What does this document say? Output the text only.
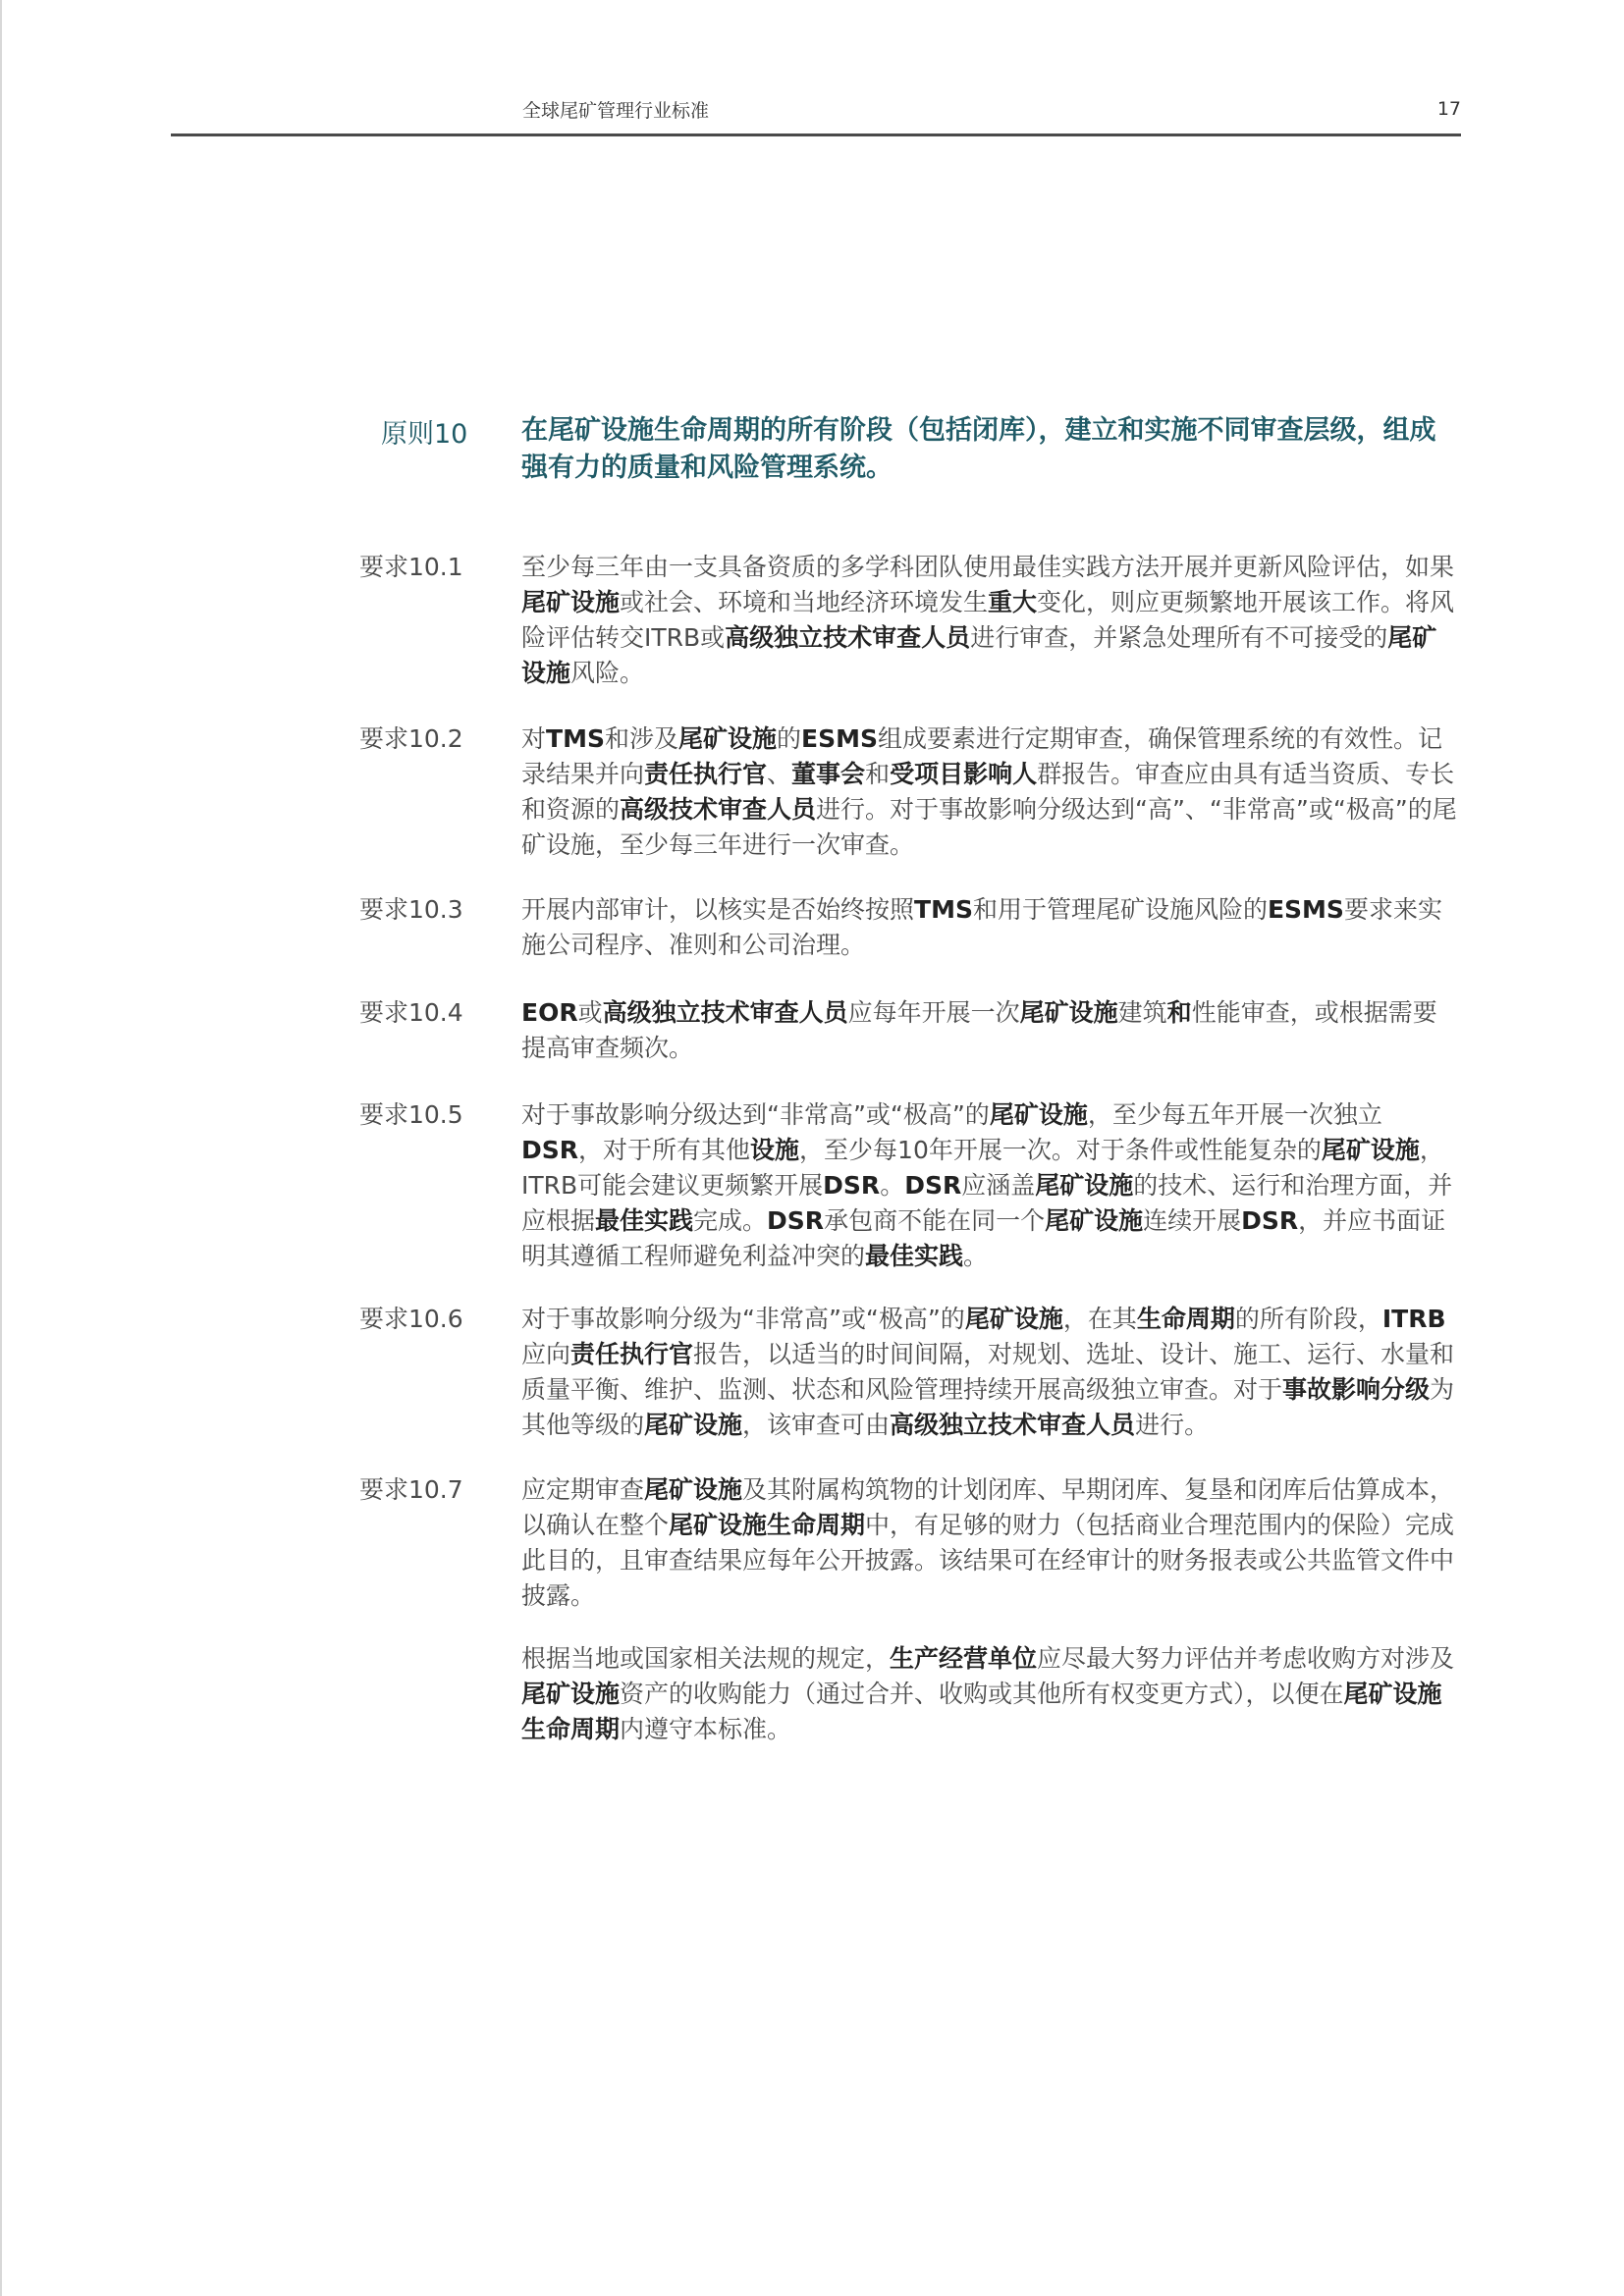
全球尾矿管理行业标准	17
原则10 在尾矿设施生命周期的所有阶段（包括闭库），建立和实施不同审查层级，组成强有力的质量和风险管理系统。
要求10.1 至少每三年由一支具备资质的多学科团队使用最佳实践方法开展并更新风险评估，如果尾矿设施或社会、环境和当地经济环境发生重大变化，则应更频繁地开展该工作。将风险评估转交ITRB或高级独立技术审查人员进行审查，并紧急处理所有不可接受的尾矿设施风险。
要求10.2 对TMS和涉及尾矿设施的ESMS组成要素进行定期审查，确保管理系统的有效性。记录结果并向责任执行官、董事会和受项目影响人群报告。审查应由具有适当资质、专长和资源的高级技术审查人员进行。对于事故影响分级达到“高”、“非常高”或“极高”的尾矿设施，至少每三年进行一次审查。
要求10.3 开展内部审计，以核实是否始终按照TMS和用于管理尾矿设施风险的ESMS要求来实施公司程序、准则和公司治理。
要求10.4 EOR或高级独立技术审查人员应每年开展一次尾矿设施建筑和性能审查，或根据需要提高审查频次。
要求10.5 对于事故影响分级达到“非常高”或“极高”的尾矿设施，至少每五年开展一次独立DSR，对于所有其他设施，至少每10年开展一次。对于条件或性能复杂的尾矿设施，ITRB可能会建议更频繁开展DSR。DSR应涵盖尾矿设施的技术、运行和治理方面，并应根据最佳实践完成。DSR承包商不能在同一个尾矿设施连续开展DSR，并应书面证明其遵循工程师避免利益冲突的最佳实践。
要求10.6 对于事故影响分级为“非常高”或“极高”的尾矿设施，在其生命周期的所有阶段，ITRB应向责任执行官报告，以适当的时间间隔，对规划、选址、设计、施工、运行、水量和质量平衡、维护、监测、状态和风险管理持续开展高级独立审查。对于事故影响分级为其他等级的尾矿设施，该审查可由高级独立技术审查人员进行。
要求10.7 应定期审查尾矿设施及其附属构筑物的计划闭库、早期闭库、复垦和闭库后估算成本，以确认在整个尾矿设施生命周期中，有足够的财力（包括商业合理范围内的保险）完成此目的，且审查结果应每年公开披露。该结果可在经审计的财务报表或公共监管文件中披露。
根据当地或国家相关法规的规定，生产经营单位应尽最大努力评估并考虑收购方对涉及尾矿设施资产的收购能力（通过合并、收购或其他所有权变更方式），以便在尾矿设施生命周期内遵守本标准。
